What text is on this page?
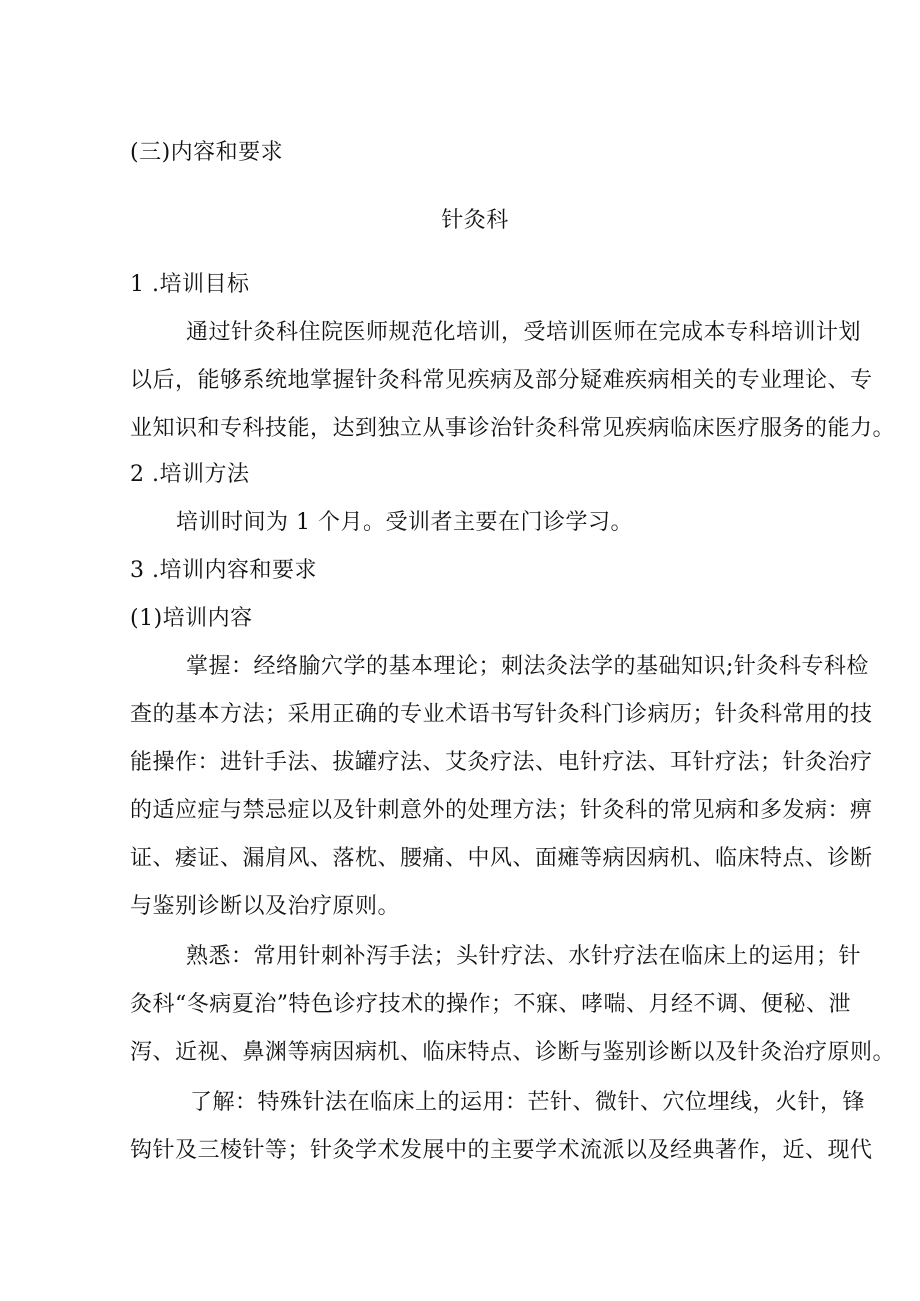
(三)内容和要求
针灸科
1 .培训目标
通过针灸科住院医师规范化培训，受培训医师在完成本专科培训计划
以后，能够系统地掌握针灸科常见疾病及部分疑难疾病相关的专业理论、专
业知识和专科技能，达到独立从事诊治针灸科常见疾病临床医疗服务的能力。
2 .培训方法
培训时间为 1 个月。受训者主要在门诊学习。
3 .培训内容和要求
(1)培训内容
掌握：经络腧穴学的基本理论；刺法灸法学的基础知识;针灸科专科检
查的基本方法；采用正确的专业术语书写针灸科门诊病历；针灸科常用的技
能操作：进针手法、拔罐疗法、艾灸疗法、电针疗法、耳针疗法；针灸治疗
的适应症与禁忌症以及针刺意外的处理方法；针灸科的常见病和多发病：痹
证、痿证、漏肩风、落枕、腰痛、中风、面瘫等病因病机、临床特点、诊断
与鉴别诊断以及治疗原则。
熟悉：常用针刺补泻手法；头针疗法、水针疗法在临床上的运用；针
灸科“冬病夏治”特色诊疗技术的操作；不寐、哮喘、月经不调、便秘、泄
泻、近视、鼻渊等病因病机、临床特点、诊断与鉴别诊断以及针灸治疗原则。
了解：特殊针法在临床上的运用：芒针、微针、穴位埋线，火针，锋
钩针及三棱针等；针灸学术发展中的主要学术流派以及经典著作，近、现代
